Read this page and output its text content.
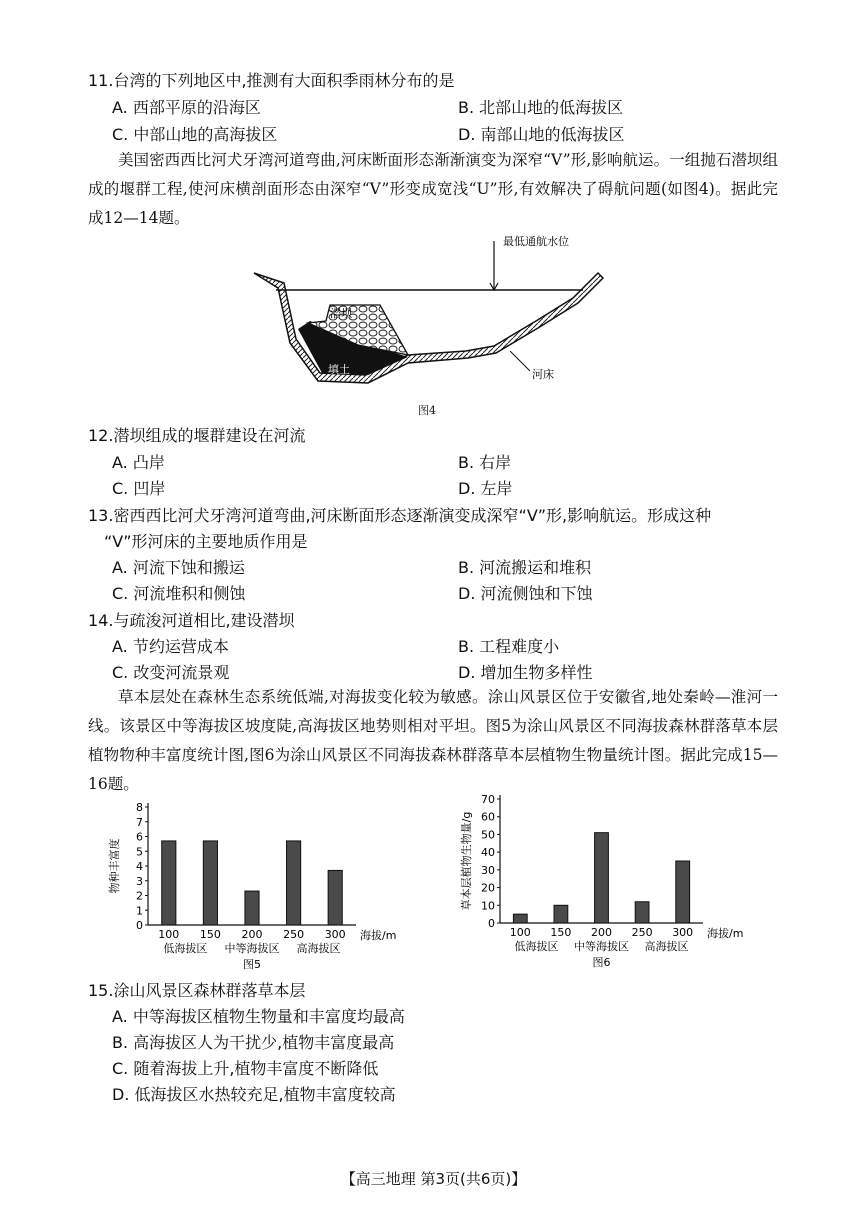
11.台湾的下列地区中,推测有大面积季雨林分布的是
A. 西部平原的沿海区	B. 北部山地的低海拔区
C. 中部山地的高海拔区	D. 南部山地的低海拔区
美国密西西比河犬牙湾河道弯曲,河床断面形态渐渐演变为深窄“V”形,影响航运。一组抛石潜坝组成的堰群工程,使河床横剖面形态由深窄“V”形变成宽浅“U”形,有效解决了碍航问题(如图4)。据此完成12—14题。
潜坝
填土
最低通航水位
河床
图4
12.潜坝组成的堰群建设在河流
A. 凸岸	B. 右岸
C. 凹岸	D. 左岸
13.密西西比河犬牙湾河道弯曲,河床断面形态逐渐演变成深窄“V”形,影响航运。形成这种
“V”形河床的主要地质作用是
A. 河流下蚀和搬运	B. 河流搬运和堆积
C. 河流堆积和侧蚀	D. 河流侧蚀和下蚀
14.与疏浚河道相比,建设潜坝
A. 节约运营成本	B. 工程难度小
C. 改变河流景观	D. 增加生物多样性
草本层处在森林生态系统低端,对海拔变化较为敏感。涂山风景区位于安徽省,地处秦岭—淮河一线。该景区中等海拔区坡度陡,高海拔区地势则相对平坦。图5为涂山风景区不同海拔森林群落草本层植物物种丰富度统计图,图6为涂山风景区不同海拔森林群落草本层植物生物量统计图。据此完成15—16题。
0
1
2
3
4
5
6
7
8
100 150 200 250 300
低海拔区 中等海拔区 高海拔区
海拔/m
物种丰富度
图5
0
10
20
30
40
50
60
70
100 150 200 250 300
低海拔区 中等海拔区 高海拔区
海拔/m
草本层植物生物量/g
图6
15.涂山风景区森林群落草本层
A. 中等海拔区植物生物量和丰富度均最高
B. 高海拔区人为干扰少,植物丰富度最高
C. 随着海拔上升,植物丰富度不断降低
D. 低海拔区水热较充足,植物丰富度较高
【高三地理 第3页(共6页)】
